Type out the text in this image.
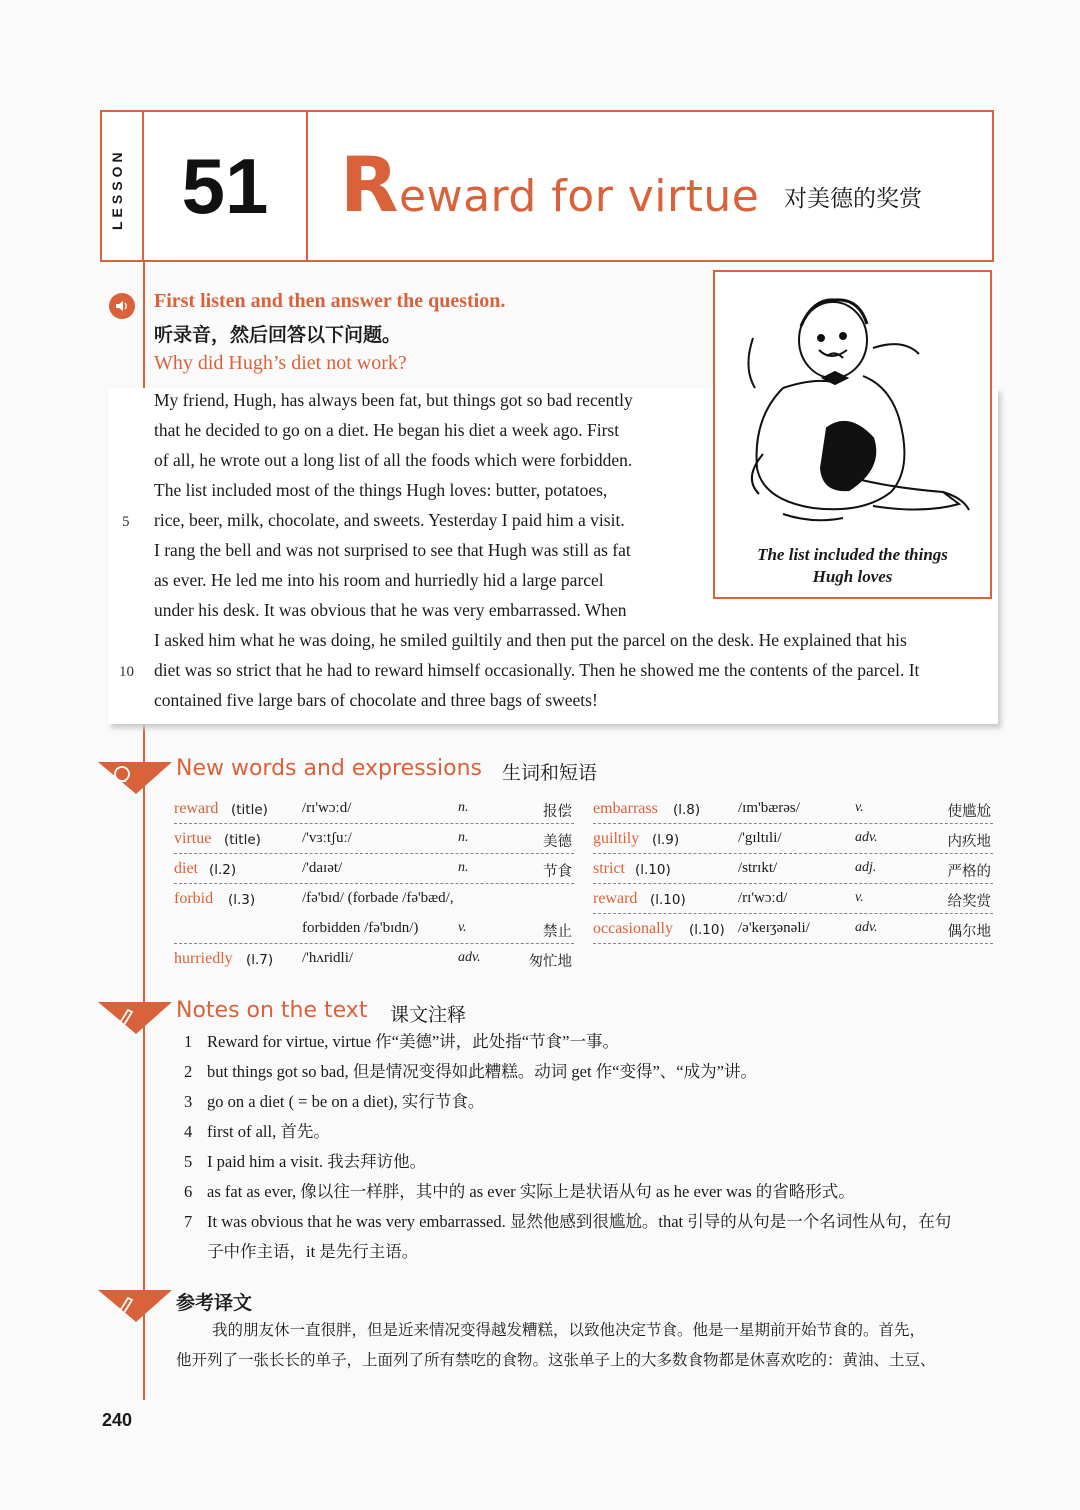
LESSON 51 Reward for virtue 对美德的奖赏
First listen and then answer the question.
听录音，然后回答以下问题。
Why did Hugh’s diet not work?
My friend, Hugh, has always been fat, but things got so bad recently
that he decided to go on a diet. He began his diet a week ago. First
of all, he wrote out a long list of all the foods which were forbidden.
The list included most of the things Hugh loves: butter, potatoes,
rice, beer, milk, chocolate, and sweets. Yesterday I paid him a visit.
I rang the bell and was not surprised to see that Hugh was still as fat
as ever. He led me into his room and hurriedly hid a large parcel
under his desk. It was obvious that he was very embarrassed. When
I asked him what he was doing, he smiled guiltily and then put the parcel on the desk. He explained that his
diet was so strict that he had to reward himself occasionally. Then he showed me the contents of the parcel. It
contained five large bars of chocolate and three bags of sweets!
5
10
The list included the things
Hugh loves
New words and expressions 生词和短语
reward (title) /rɪ'wɔːd/	n.	报偿
virtue (title)	/'vɜːtʃuː/	n.	美德
diet (l.2)	/'daɪət/	n.	节食
forbid (l.3)	/fə'bɪd/ (forbade /fə'bæd/,
forbidden /fə'bɪdn/)	v.	禁止
hurriedly (l.7) /'hʌridli/	adv.	匆忙地
embarrass (l.8)	/ɪm'bærəs/	v.	使尴尬
guiltily (l.9)	/'gɪltɪli/	adv.	内疚地
strict (l.10)	/strɪkt/	adj.	严格的
reward (l.10)	/rɪ'wɔːd/	v.	给奖赏
occasionally (l.10) /ə'keɪʒənəli/	adv.	偶尔地
Notes on the text 课文注释
1 Reward for virtue, virtue 作“美德”讲，此处指“节食”一事。
2 but things got so bad, 但是情况变得如此糟糕。动词 get 作“变得”、“成为”讲。
3 go on a diet ( = be on a diet), 实行节食。
4 first of all, 首先。
5 I paid him a visit. 我去拜访他。
6 as fat as ever, 像以往一样胖，其中的 as ever 实际上是状语从句 as he ever was 的省略形式。
7 It was obvious that he was very embarrassed. 显然他感到很尴尬。that 引导的从句是一个名词性从句，在句
子中作主语，it 是先行主语。
参考译文
我的朋友休一直很胖，但是近来情况变得越发糟糕，以致他决定节食。他是一星期前开始节食的。首先，
他开列了一张长长的单子，上面列了所有禁吃的食物。这张单子上的大多数食物都是休喜欢吃的：黄油、土豆、
240
